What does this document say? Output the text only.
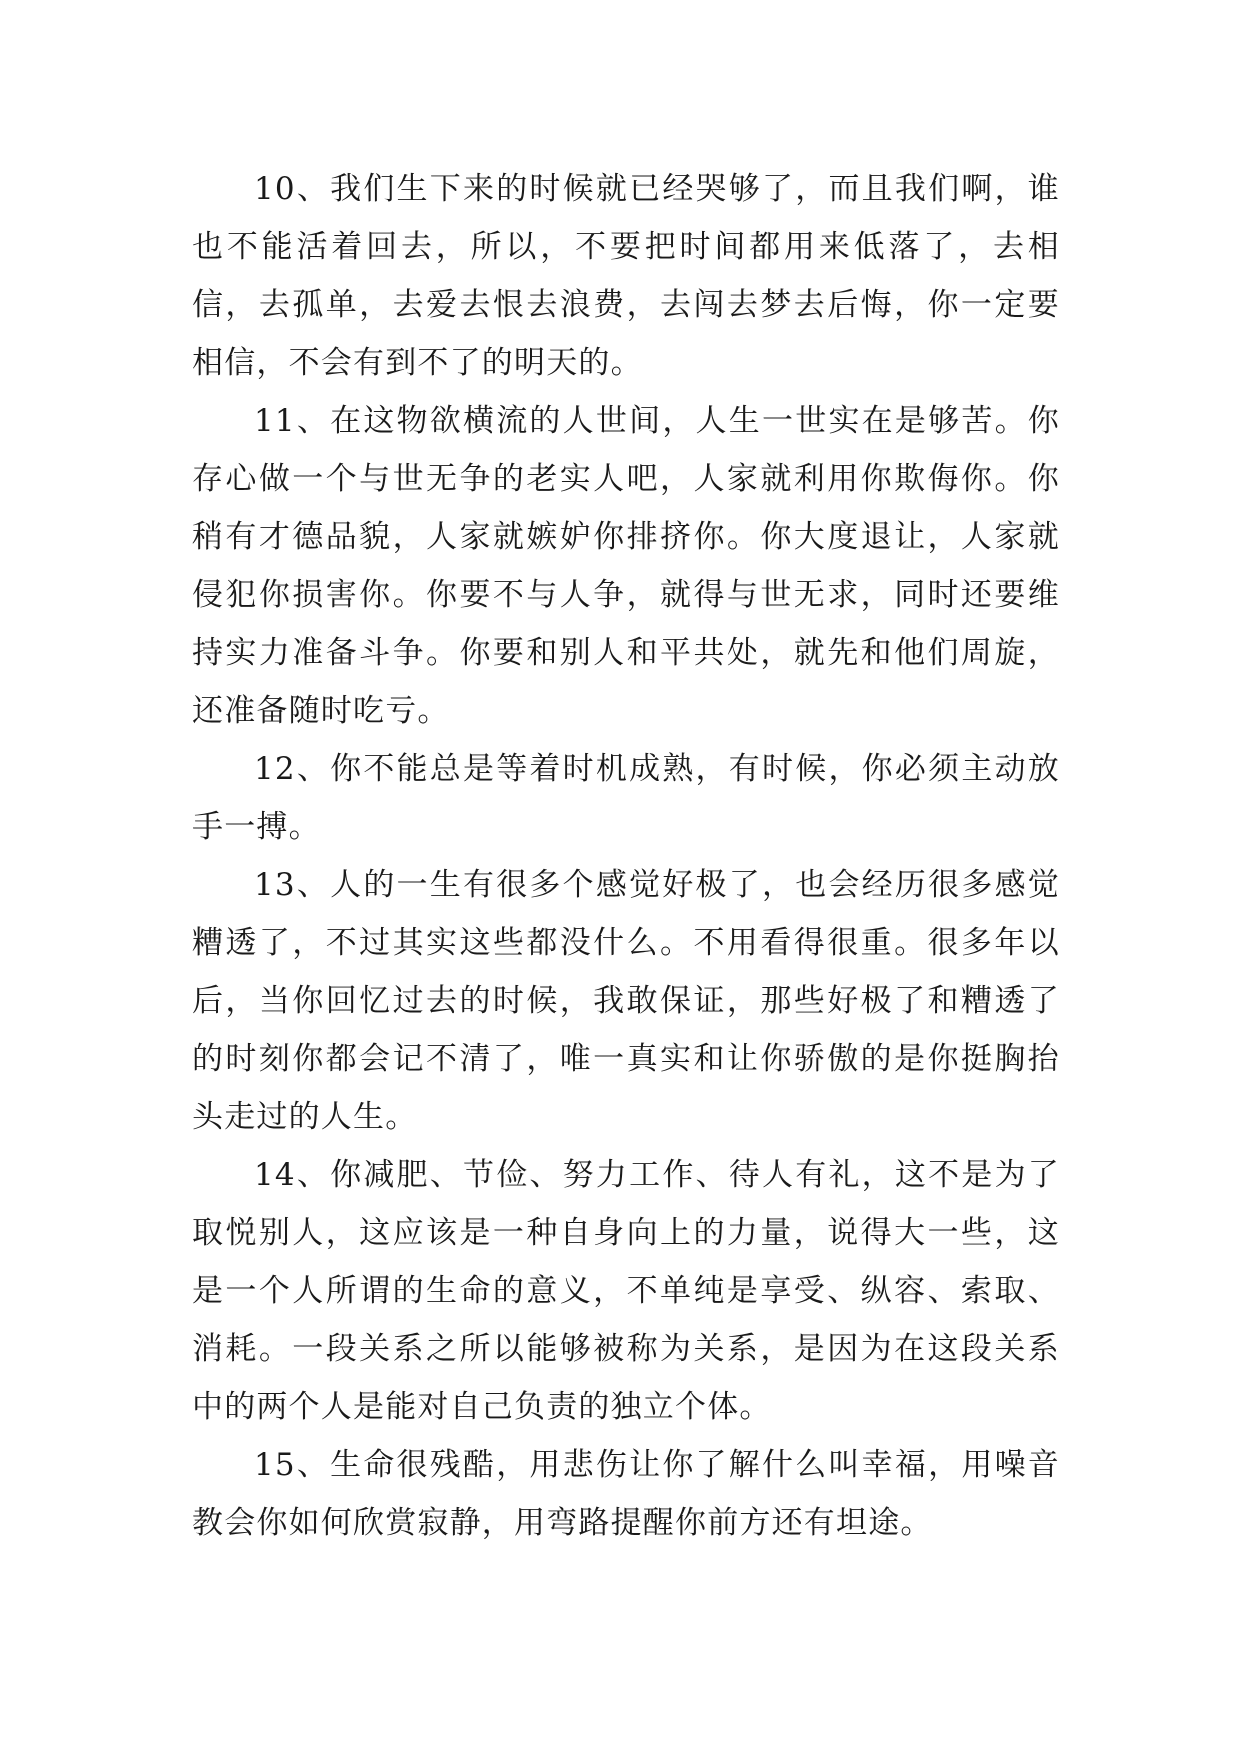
10、我们生下来的时候就已经哭够了，而且我们啊，谁也不能活着回去，所以，不要把时间都用来低落了，去相信，去孤单，去爱去恨去浪费，去闯去梦去后悔，你一定要相信，不会有到不了的明天的。

11、在这物欲横流的人世间，人生一世实在是够苦。你存心做一个与世无争的老实人吧，人家就利用你欺侮你。你稍有才德品貌，人家就嫉妒你排挤你。你大度退让，人家就侵犯你损害你。你要不与人争，就得与世无求，同时还要维持实力准备斗争。你要和别人和平共处，就先和他们周旋，还准备随时吃亏。

12、你不能总是等着时机成熟，有时候，你必须主动放手一搏。

13、人的一生有很多个感觉好极了，也会经历很多感觉糟透了，不过其实这些都没什么。不用看得很重。很多年以后，当你回忆过去的时候，我敢保证，那些好极了和糟透了的时刻你都会记不清了，唯一真实和让你骄傲的是你挺胸抬头走过的人生。

14、你减肥、节俭、努力工作、待人有礼，这不是为了取悦别人，这应该是一种自身向上的力量，说得大一些，这是一个人所谓的生命的意义，不单纯是享受、纵容、索取、消耗。一段关系之所以能够被称为关系，是因为在这段关系中的两个人是能对自己负责的独立个体。

15、生命很残酷，用悲伤让你了解什么叫幸福，用噪音教会你如何欣赏寂静，用弯路提醒你前方还有坦途。
